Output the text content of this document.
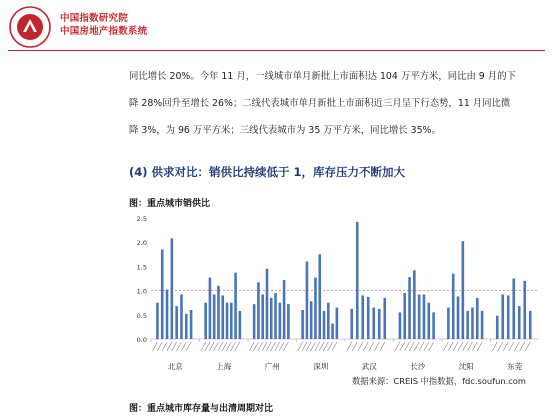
中国指数研究院
中国房地产指数系统

同比增长 20%。今年 11 月，一线城市单月新批上市面积达 104 万平方米，同比由 9 月的下
降 28%回升至增长 26%；二线代表城市单月新批上市面积近三月呈下行态势，11 月同比微
降 3%，为 96 万平方米；三线代表城市为 35 万平方米，同比增长 35%。

(4) 供求对比：销供比持续低于 1，库存压力不断加大
图：重点城市销供比
0.0
0.5
1.0
1.5
2.0
2.5
北京	上海	广州	深圳	武汉	长沙	沈阳	东莞
数据来源：CREIS 中指数据，fdc.soufun.com
图：重点城市库存量与出清周期对比
